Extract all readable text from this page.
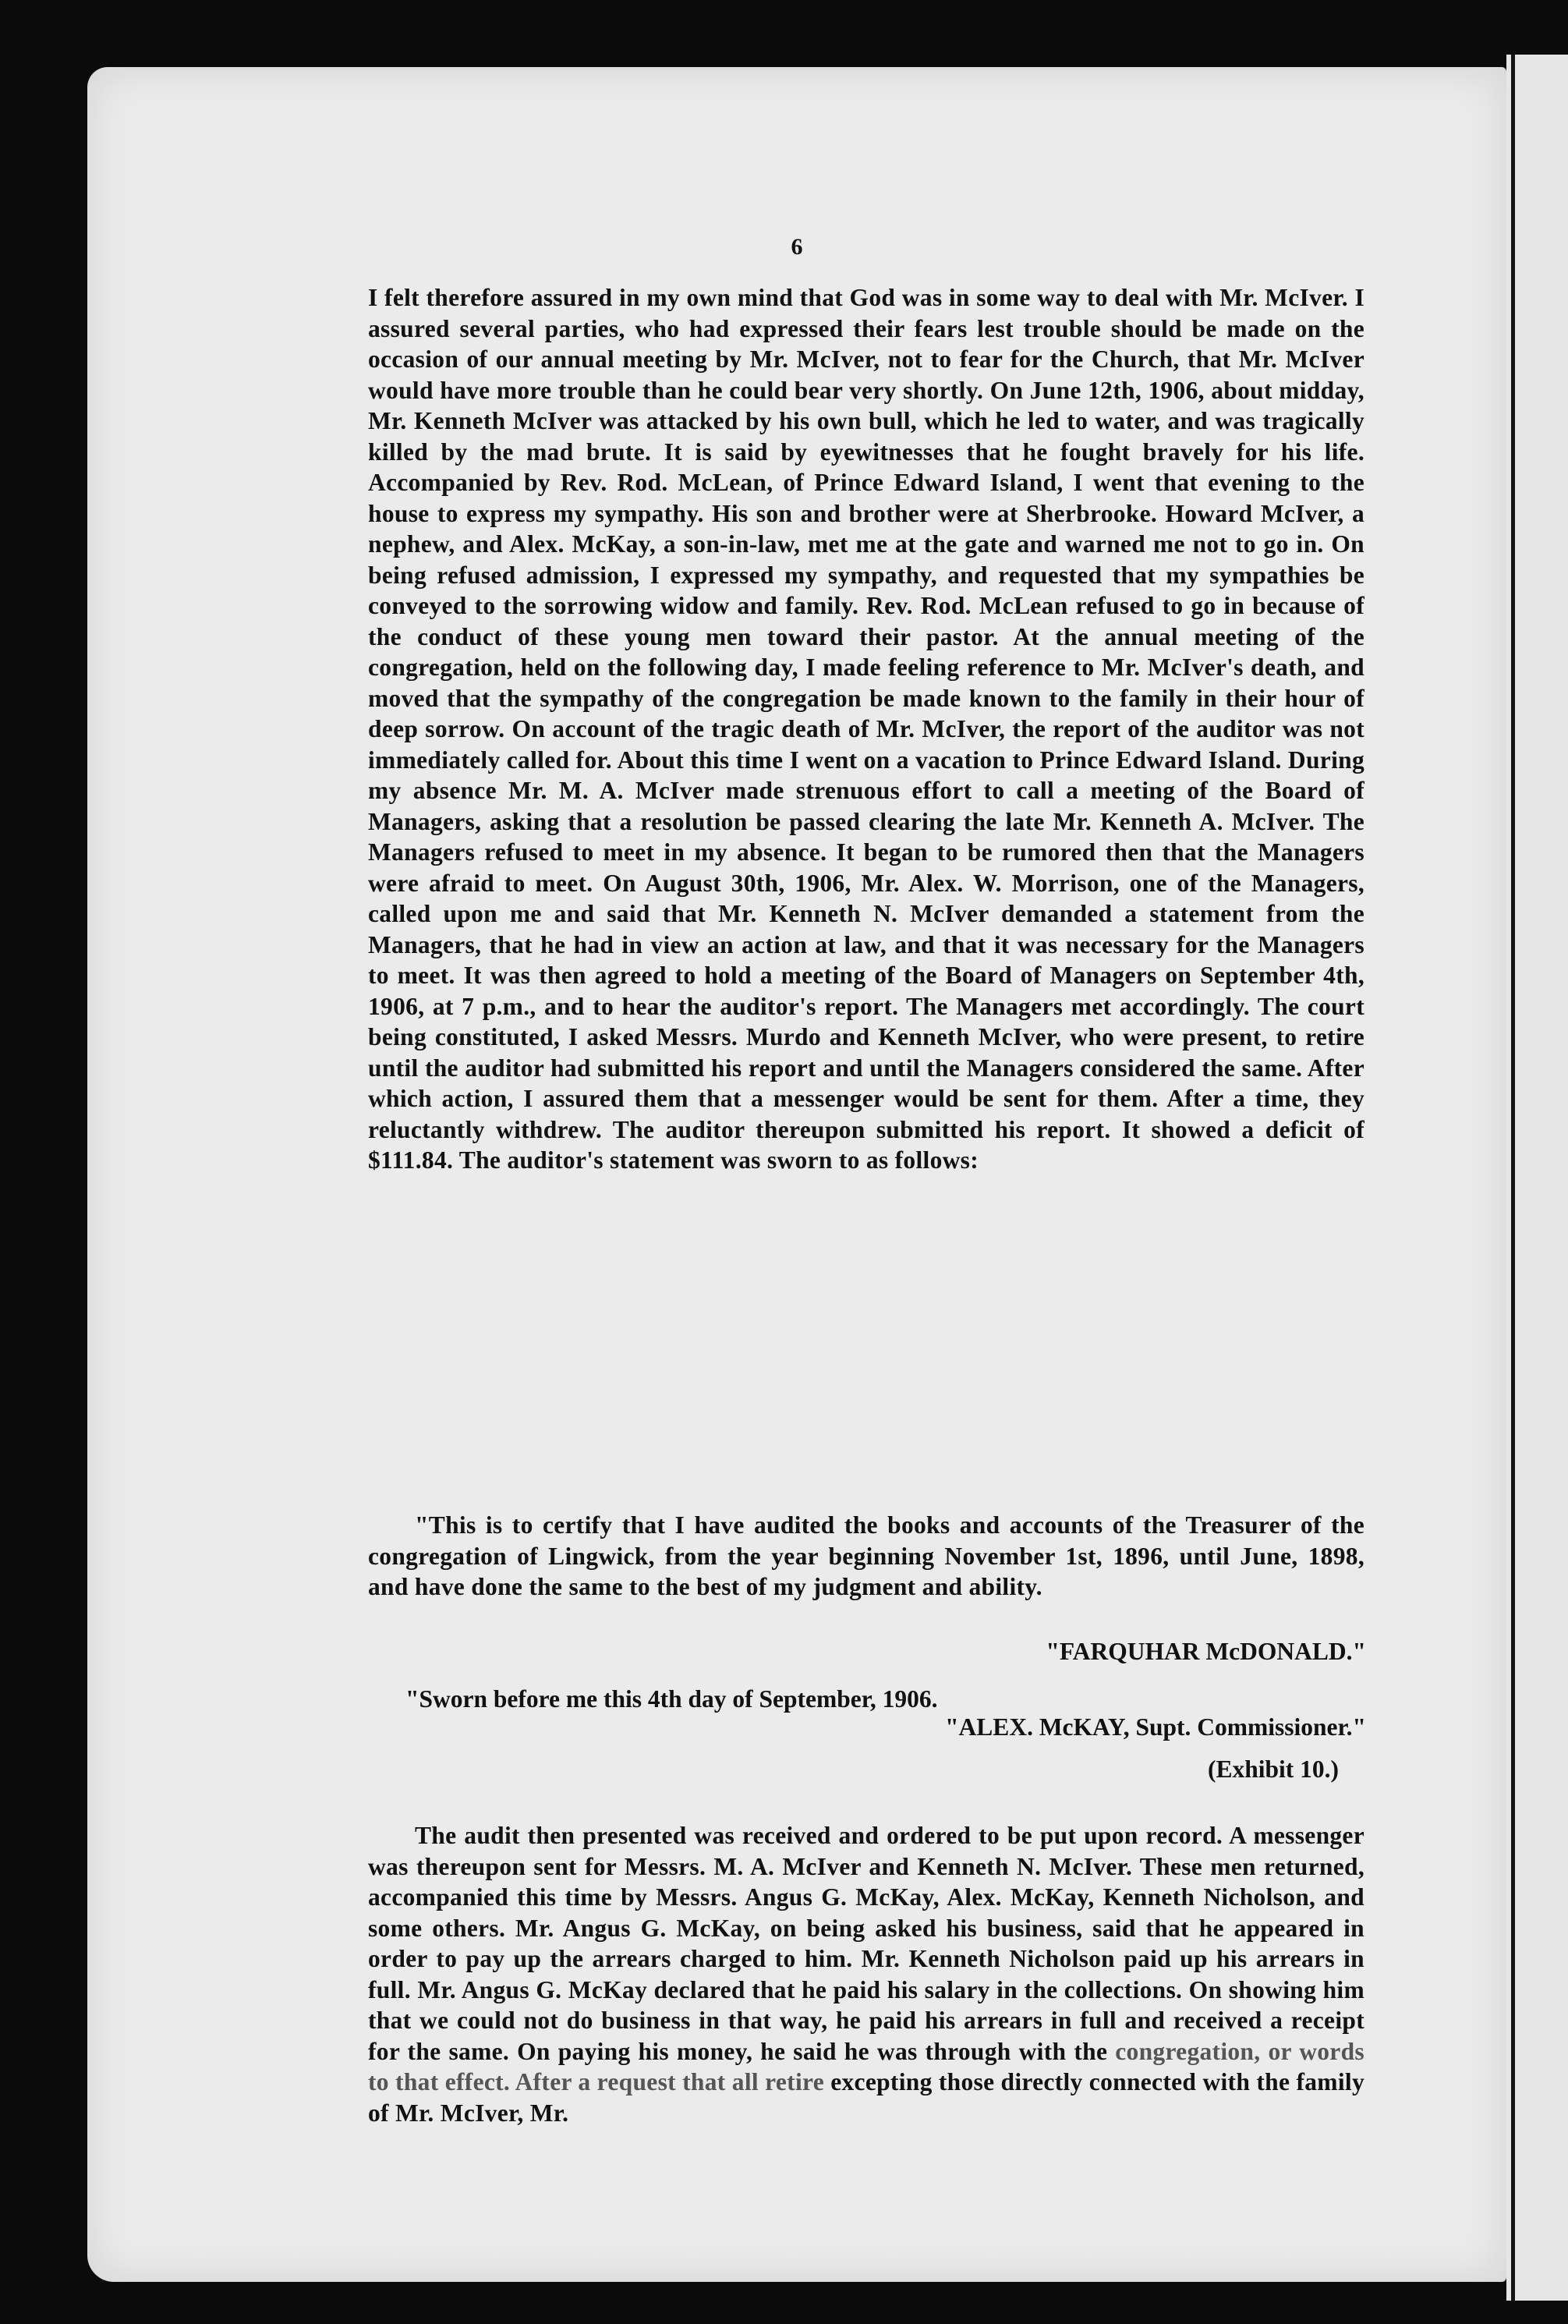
6
I felt therefore assured in my own mind that God was in some way to deal with Mr. McIver. I assured several parties, who had expressed their fears lest trouble should be made on the occasion of our annual meeting by Mr. McIver, not to fear for the Church, that Mr. McIver would have more trouble than he could bear very shortly. On June 12th, 1906, about midday, Mr. Kenneth McIver was attacked by his own bull, which he led to water, and was tragically killed by the mad brute. It is said by eyewitnesses that he fought bravely for his life. Accompanied by Rev. Rod. McLean, of Prince Edward Island, I went that evening to the house to express my sympathy. His son and brother were at Sherbrooke. Howard McIver, a nephew, and Alex. McKay, a son-in-law, met me at the gate and warned me not to go in. On being refused admission, I expressed my sympathy, and requested that my sympathies be conveyed to the sorrowing widow and family. Rev. Rod. McLean refused to go in because of the conduct of these young men toward their pastor. At the annual meeting of the congregation, held on the following day, I made feeling reference to Mr. McIver's death, and moved that the sympathy of the congregation be made known to the family in their hour of deep sorrow. On account of the tragic death of Mr. McIver, the report of the auditor was not immediately called for. About this time I went on a vacation to Prince Edward Island. During my absence Mr. M. A. McIver made strenuous effort to call a meeting of the Board of Managers, asking that a resolution be passed clearing the late Mr. Kenneth A. McIver. The Managers refused to meet in my absence. It began to be rumored then that the Managers were afraid to meet. On August 30th, 1906, Mr. Alex. W. Morrison, one of the Managers, called upon me and said that Mr. Kenneth N. McIver demanded a statement from the Managers, that he had in view an action at law, and that it was necessary for the Managers to meet. It was then agreed to hold a meeting of the Board of Managers on September 4th, 1906, at 7 p.m., and to hear the auditor's report. The Managers met accordingly. The court being constituted, I asked Messrs. Murdo and Kenneth McIver, who were present, to retire until the auditor had submitted his report and until the Managers considered the same. After which action, I assured them that a messenger would be sent for them. After a time, they reluctantly withdrew. The auditor thereupon submitted his report. It showed a deficit of $111.84. The auditor's statement was sworn to as follows:
"This is to certify that I have audited the books and accounts of the Treasurer of the congregation of Lingwick, from the year beginning November 1st, 1896, until June, 1898, and have done the same to the best of my judgment and ability.
"FARQUHAR McDONALD."
"Sworn before me this 4th day of September, 1906.
"ALEX. McKAY, Supt. Commissioner."
(Exhibit 10.)
The audit then presented was received and ordered to be put upon record. A messenger was thereupon sent for Messrs. M. A. McIver and Kenneth N. McIver. These men returned, accompanied this time by Messrs. Angus G. McKay, Alex. McKay, Kenneth Nicholson, and some others. Mr. Angus G. McKay, on being asked his business, said that he appeared in order to pay up the arrears charged to him. Mr. Kenneth Nicholson paid up his arrears in full. Mr. Angus G. McKay declared that he paid his salary in the collections. On showing him that we could not do business in that way, he paid his arrears in full and received a receipt for the same. On paying his money, he said he was through with the congregation, or words to that effect. After a request that all retire excepting those directly connected with the family of Mr. McIver, Mr.
